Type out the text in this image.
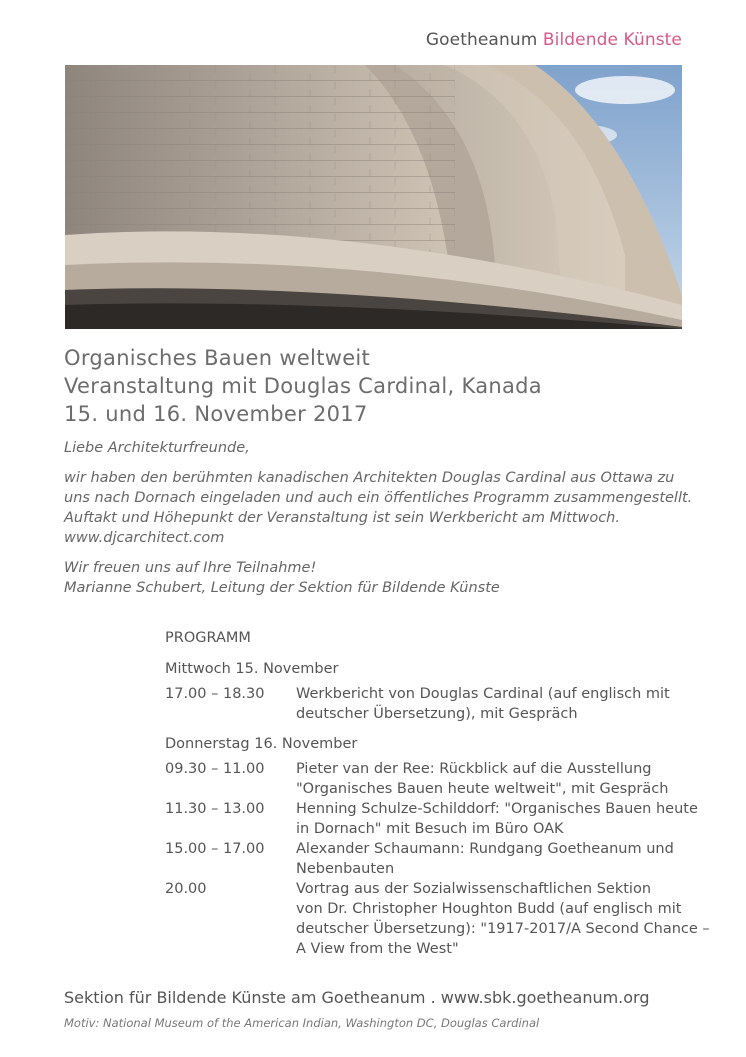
Goetheanum Bildende Künste
Organisches Bauen weltweit
Veranstaltung mit Douglas Cardinal, Kanada
15. und 16. November 2017

Liebe Architekturfreunde,

wir haben den berühmten kanadischen Architekten Douglas Cardinal aus Ottawa zu

uns nach Dornach eingeladen und auch ein öffentliches Programm zusammengestellt.

Auftakt und Höhepunkt der Veranstaltung ist sein Werkbericht am Mittwoch.

www.djcarchitect.com

Wir freuen uns auf Ihre Teilnahme!

Marianne Schubert, Leitung der Sektion für Bildende Künste

PROGRAMM
Mittwoch 15. November
17.00 – 18.30	Werkbericht von Douglas Cardinal (auf englisch mit
deutscher Übersetzung), mit Gespräch
Donnerstag 16. November
09.30 – 11.00	Pieter van der Ree: Rückblick auf die Ausstellung
"Organisches Bauen heute weltweit", mit Gespräch
11.30 – 13.00	Henning Schulze-Schilddorf: "Organisches Bauen heute
in Dornach" mit Besuch im Büro OAK
15.00 – 17.00	Alexander Schaumann: Rundgang Goetheanum und
Nebenbauten
20.00	Vortrag aus der Sozialwissenschaftlichen Sektion
von Dr. Christopher Houghton Budd (auf englisch mit
deutscher Übersetzung): "1917-2017/A Second Chance –
A View from the West"
Sektion für Bildende Künste am Goetheanum . www.sbk.goetheanum.org
Motiv: National Museum of the American Indian, Washington DC, Douglas Cardinal
